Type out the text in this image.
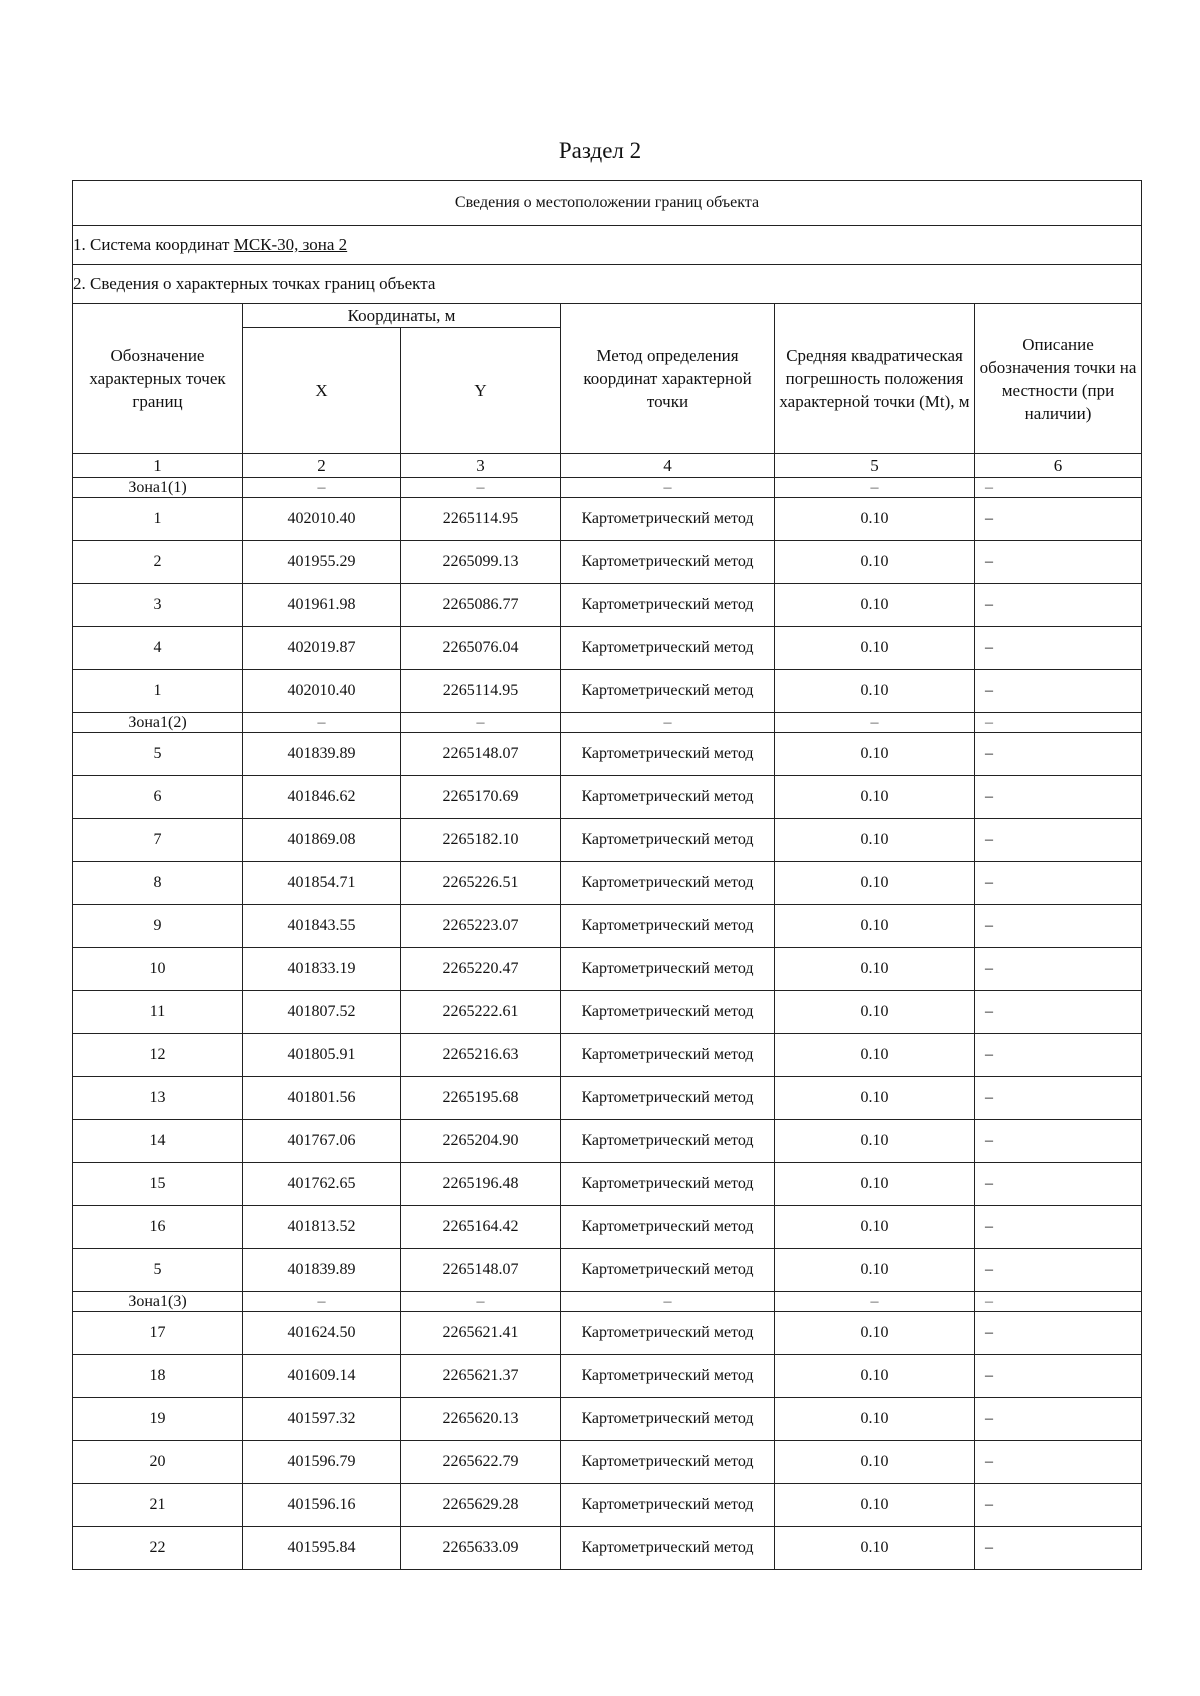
Раздел 2
Сведения о местоположении границ объекта					
1. Система координат МСК-30, зона 2					
2. Сведения о характерных точках границ объекта					
Обозначение характерных точек границ	Координаты, м		Метод определения координат характерной точки	Средняя квадратическая погрешность положения характерной точки (Mt), м	Описание обозначения точки на местности (при наличии)
	X	Y			
1	2	3	4	5	6
Зона1(1)	–	–	–	–	–
1	402010.40	2265114.95	Картометрический метод	0.10	–
2	401955.29	2265099.13	Картометрический метод	0.10	–
3	401961.98	2265086.77	Картометрический метод	0.10	–
4	402019.87	2265076.04	Картометрический метод	0.10	–
1	402010.40	2265114.95	Картометрический метод	0.10	–
Зона1(2)	–	–	–	–	–
5	401839.89	2265148.07	Картометрический метод	0.10	–
6	401846.62	2265170.69	Картометрический метод	0.10	–
7	401869.08	2265182.10	Картометрический метод	0.10	–
8	401854.71	2265226.51	Картометрический метод	0.10	–
9	401843.55	2265223.07	Картометрический метод	0.10	–
10	401833.19	2265220.47	Картометрический метод	0.10	–
11	401807.52	2265222.61	Картометрический метод	0.10	–
12	401805.91	2265216.63	Картометрический метод	0.10	–
13	401801.56	2265195.68	Картометрический метод	0.10	–
14	401767.06	2265204.90	Картометрический метод	0.10	–
15	401762.65	2265196.48	Картометрический метод	0.10	–
16	401813.52	2265164.42	Картометрический метод	0.10	–
5	401839.89	2265148.07	Картометрический метод	0.10	–
Зона1(3)	–	–	–	–	–
17	401624.50	2265621.41	Картометрический метод	0.10	–
18	401609.14	2265621.37	Картометрический метод	0.10	–
19	401597.32	2265620.13	Картометрический метод	0.10	–
20	401596.79	2265622.79	Картометрический метод	0.10	–
21	401596.16	2265629.28	Картометрический метод	0.10	–
22	401595.84	2265633.09	Картометрический метод	0.10	–
